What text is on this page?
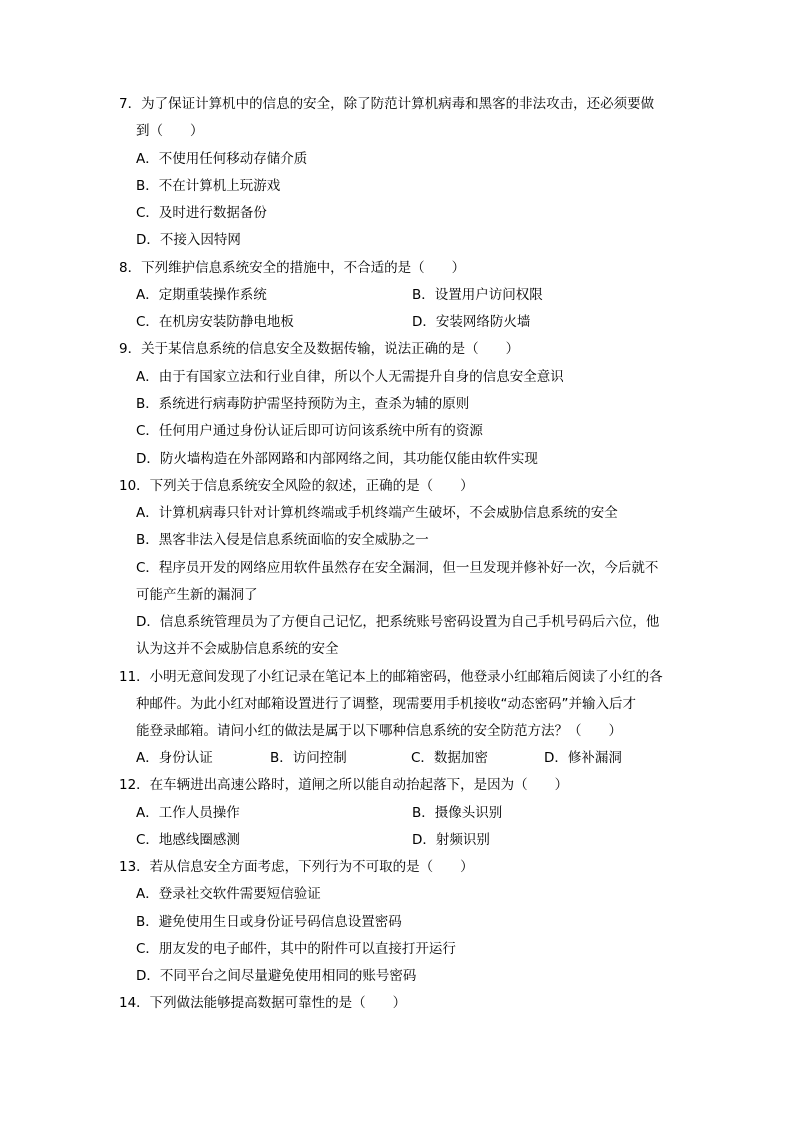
7．为了保证计算机中的信息的安全，除了防范计算机病毒和黑客的非法攻击，还必须要做
到（　　）
A．不使用任何移动存储介质
B．不在计算机上玩游戏
C．及时进行数据备份
D．不接入因特网
8．下列维护信息系统安全的措施中，不合适的是（　　）
A．定期重装操作系统	B．设置用户访问权限
C．在机房安装防静电地板	D．安装网络防火墙
9．关于某信息系统的信息安全及数据传输，说法正确的是（　　）
A．由于有国家立法和行业自律，所以个人无需提升自身的信息安全意识
B．系统进行病毒防护需坚持预防为主，查杀为辅的原则
C．任何用户通过身份认证后即可访问该系统中所有的资源
D．防火墙构造在外部网路和内部网络之间，其功能仅能由软件实现
10．下列关于信息系统安全风险的叙述，正确的是（　　）
A．计算机病毒只针对计算机终端或手机终端产生破坏，不会威胁信息系统的安全
B．黑客非法入侵是信息系统面临的安全威胁之一
C．程序员开发的网络应用软件虽然存在安全漏洞，但一旦发现并修补好一次，今后就不
可能产生新的漏洞了
D．信息系统管理员为了方便自己记忆，把系统账号密码设置为自己手机号码后六位，他
认为这并不会威胁信息系统的安全
11．小明无意间发现了小红记录在笔记本上的邮箱密码，他登录小红邮箱后阅读了小红的各
种邮件。为此小红对邮箱设置进行了调整，现需要用手机接收“动态密码”并输入后才
能登录邮箱。请问小红的做法是属于以下哪种信息系统的安全防范方法？（　　）
A．身份认证	B．访问控制	C．数据加密	D．修补漏洞
12．在车辆进出高速公路时，道闸之所以能自动抬起落下，是因为（　　）
A．工作人员操作	B．摄像头识别
C．地感线圈感测	D．射频识别
13．若从信息安全方面考虑，下列行为不可取的是（　　）
A．登录社交软件需要短信验证
B．避免使用生日或身份证号码信息设置密码
C．朋友发的电子邮件，其中的附件可以直接打开运行
D．不同平台之间尽量避免使用相同的账号密码
14．下列做法能够提高数据可靠性的是（　　）
